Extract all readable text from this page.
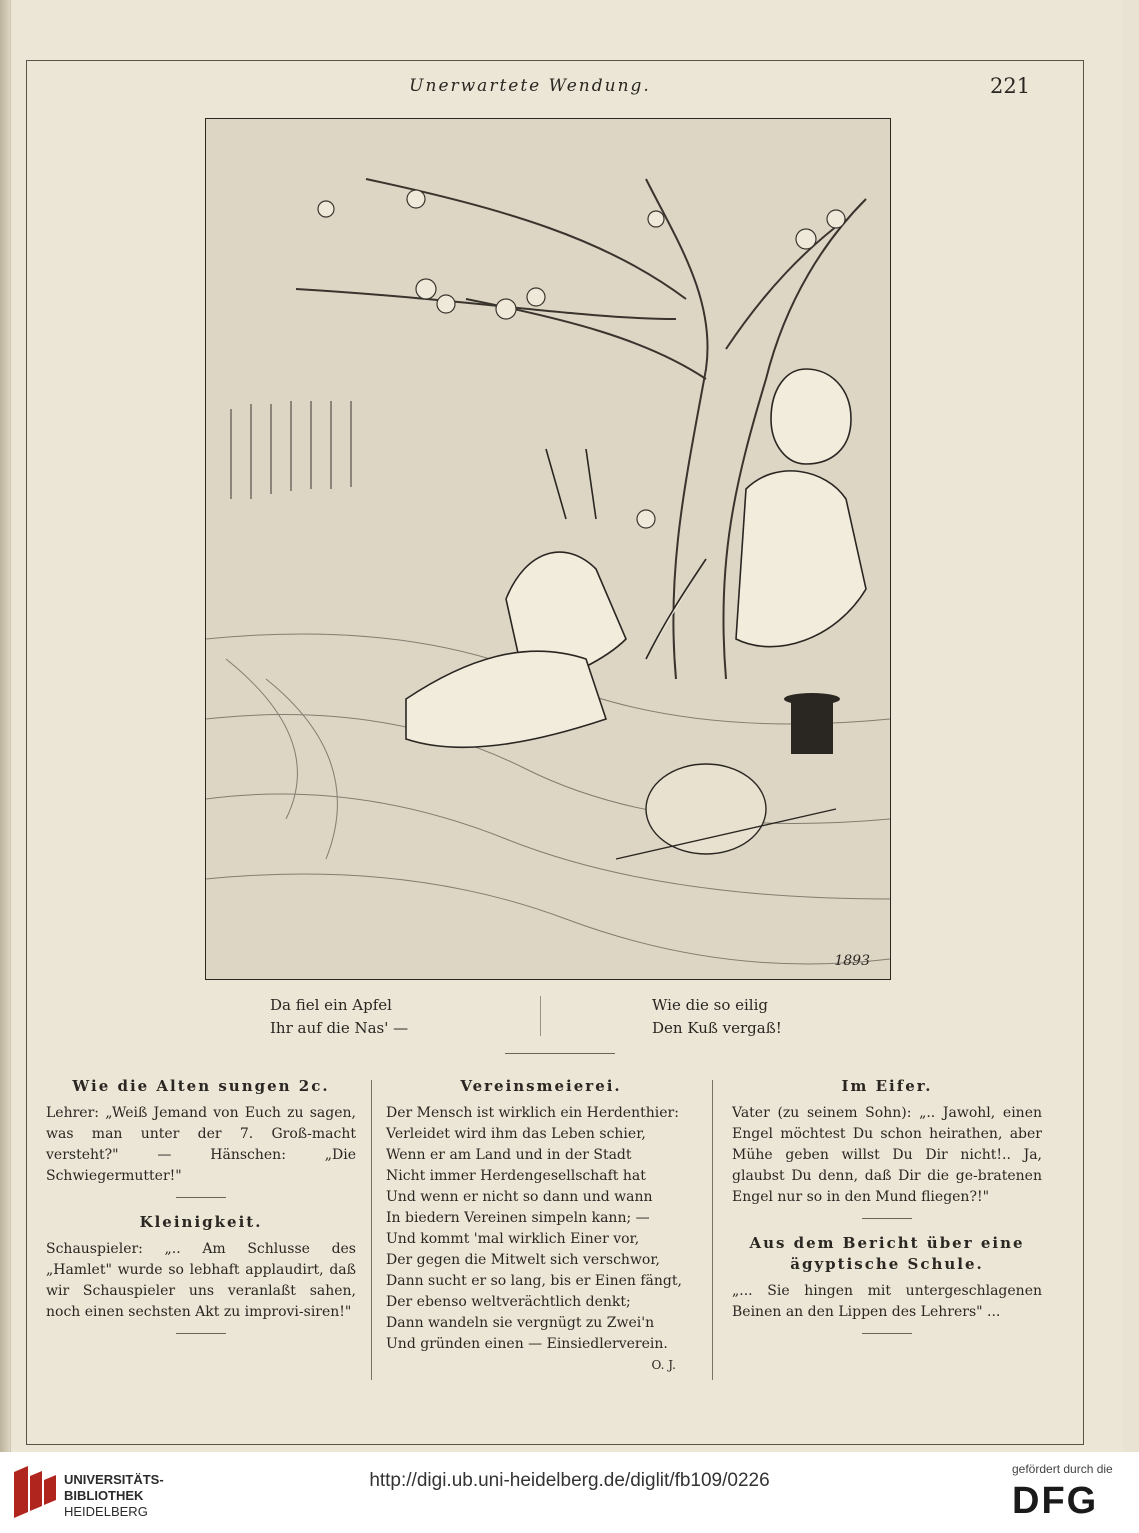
Unerwartete Wendung.	221
1893
Da fiel ein Apfel
Ihr auf die Nas' —
Wie die so eilig
Den Kuß vergaß!
Wie die Alten sungen 2c.

Lehrer: „Weiß Jemand von Euch zu sagen, was man unter der 7. Groß-macht versteht?" — Hänschen: „Die Schwiegermutter!"

Kleinigkeit.

Schauspieler: „.. Am Schlusse des „Hamlet" wurde so lebhaft applaudirt, daß wir Schauspieler uns veranlaßt sahen, noch einen sechsten Akt zu improvi-siren!"

Vereinsmeierei.

Der Mensch ist wirklich ein Herdenthier:

Verleidet wird ihm das Leben schier,

Wenn er am Land und in der Stadt

Nicht immer Herdengesellschaft hat

Und wenn er nicht so dann und wann

In biedern Vereinen simpeln kann; —

Und kommt 'mal wirklich Einer vor,

Der gegen die Mitwelt sich verschwor,

Dann sucht er so lang, bis er Einen fängt,

Der ebenso weltverächtlich denkt;

Dann wandeln sie vergnügt zu Zwei'n

Und gründen einen — Einsiedlerverein.

O. J.

Im Eifer.

Vater (zu seinem Sohn): „.. Jawohl, einen Engel möchtest Du schon heirathen, aber Mühe geben willst Du Dir nicht!.. Ja, glaubst Du denn, daß Dir die ge-bratenen Engel nur so in den Mund fliegen?!"

Aus dem Bericht über eine
ägyptische Schule.

„... Sie hingen mit untergeschlagenen Beinen an den Lippen des Lehrers" ...

UNIVERSITÄTS-
BIBLIOTHEK
HEIDELBERG
http://digi.ub.uni-heidelberg.de/diglit/fb109/0226
gefördert durch die
DFG
